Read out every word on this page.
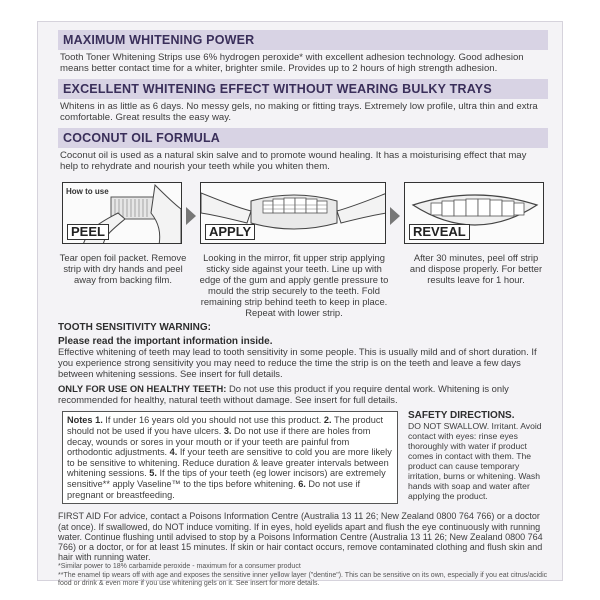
MAXIMUM WHITENING POWER
Tooth Toner Whitening Strips use 6% hydrogen peroxide* with excellent adhesion technology. Good adhesion means better contact time for a whiter, brighter smile. Provides up to 2 hours of high strength adhesion.
EXCELLENT WHITENING EFFECT WITHOUT WEARING BULKY TRAYS
Whitens in as little as 6 days. No messy gels, no making or fitting trays. Extremely low profile, ultra thin and extra comfortable. Great results the easy way.
COCONUT OIL FORMULA
Coconut oil is used as a natural skin salve and to promote wound healing. It has a moisturising effect that may help to rehydrate and nourish your teeth while you whiten them.
How to use
PEEL	APPLY	REVEAL
Tear open foil packet. Remove strip with dry hands and peel away from backing film.
Looking in the mirror, fit upper strip applying sticky side against your teeth. Line up with edge of the gum and apply gentle pressure to mould the strip securely to the teeth. Fold remaining strip behind teeth to keep in place. Repeat with lower strip.
After 30 minutes, peel off strip and dispose properly. For better results leave for 1 hour.
TOOTH SENSITIVITY WARNING:
Please read the important information inside.
Effective whitening of teeth may lead to tooth sensitivity in some people. This is usually mild and of short duration. If you experience strong sensitivity you may need to reduce the time the strip is on the teeth and leave a few days between whitening sessions. See insert for full details.
ONLY FOR USE ON HEALTHY TEETH: Do not use this product if you require dental work. Whitening is only recommended for healthy, natural teeth without damage. See insert for full details.
Notes 1. If under 16 years old you should not use this product. 2. The product should not be used if you have ulcers. 3. Do not use if there are holes from decay, wounds or sores in your mouth or if your teeth are painful from orthodontic adjustments. 4. If your teeth are sensitive to cold you are more likely to be sensitive to whitening. Reduce duration & leave greater intervals between whitening sessions. 5. If the tips of your teeth (eg lower incisors) are extremely sensitive** apply Vaseline™ to the tips before whitening. 6. Do not use if pregnant or breastfeeding.
SAFETY DIRECTIONS.
DO NOT SWALLOW. Irritant. Avoid contact with eyes: rinse eyes thoroughly with water if product comes in contact with them. The product can cause temporary irritation, burns or whitening. Wash hands with soap and water after applying the product.
FIRST AID For advice, contact a Poisons Information Centre (Australia 13 11 26; New Zealand 0800 764 766) or a doctor (at once). If swallowed, do NOT induce vomiting. If in eyes, hold eyelids apart and flush the eye continuously with running water. Continue flushing until advised to stop by a Poisons Information Centre (Australia 13 11 26; New Zealand 0800 764 766) or a doctor, or for at least 15 minutes. If skin or hair contact occurs, remove contaminated clothing and flush skin and hair with running water.
*Similar power to 18% carbamide peroxide - maximum for a consumer product
**The enamel tip wears off with age and exposes the sensitive inner yellow layer ("dentine"). This can be sensitive on its own, especially if you eat citrus/acidic food or drink & even more if you use whitening gels on it. See insert for more details.
